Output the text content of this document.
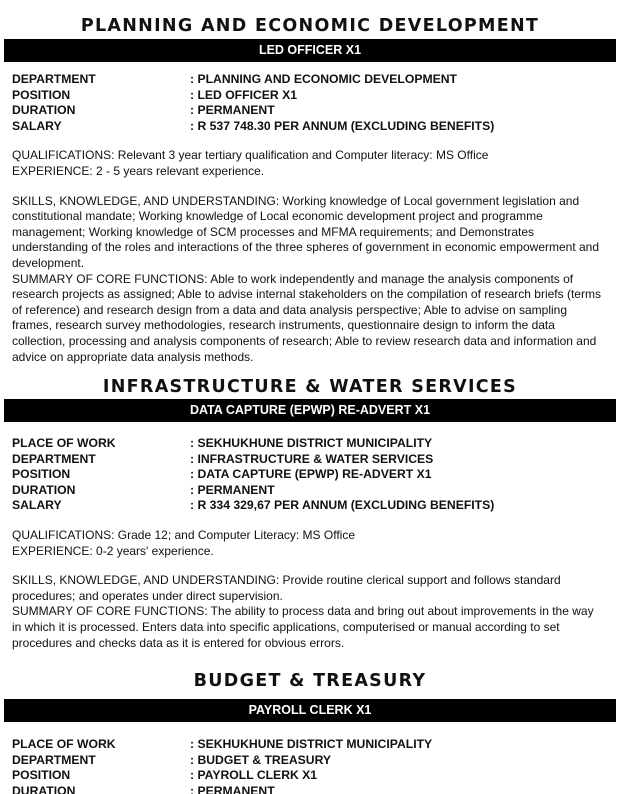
PLANNING AND ECONOMIC DEVELOPMENT
LED OFFICER X1
DEPARTMENT	: PLANNING AND ECONOMIC DEVELOPMENT
POSITION	: LED OFFICER X1
DURATION	: PERMANENT
SALARY	: R 537 748.30 PER ANNUM (EXCLUDING BENEFITS)
QUALIFICATIONS: Relevant 3 year tertiary qualification and Computer literacy: MS Office
EXPERIENCE: 2 - 5 years relevant experience.
SKILLS, KNOWLEDGE, AND UNDERSTANDING: Working knowledge of Local government legislation and constitutional mandate; Working knowledge of Local economic development project and programme management; Working knowledge of SCM processes and MFMA requirements; and Demonstrates understanding of the roles and interactions of the three spheres of government in economic empowerment and development.
SUMMARY OF CORE FUNCTIONS: Able to work independently and manage the analysis components of research projects as assigned; Able to advise internal stakeholders on the compilation of research briefs (terms of reference) and research design from a data and data analysis perspective; Able to advise on sampling frames, research survey methodologies, research instruments, questionnaire design to inform the data collection, processing and analysis components of research; Able to review research data and information and advice on appropriate data analysis methods.
INFRASTRUCTURE & WATER SERVICES
DATA CAPTURE (EPWP) RE-ADVERT X1
PLACE OF WORK	: SEKHUKHUNE DISTRICT MUNICIPALITY
DEPARTMENT	: INFRASTRUCTURE & WATER SERVICES
POSITION	: DATA CAPTURE (EPWP) RE-ADVERT X1
DURATION	: PERMANENT
SALARY	: R 334 329,67 PER ANNUM (EXCLUDING BENEFITS)
QUALIFICATIONS: Grade 12; and Computer Literacy: MS Office
EXPERIENCE: 0-2 years' experience.
SKILLS, KNOWLEDGE, AND UNDERSTANDING: Provide routine clerical support and follows standard procedures; and operates under direct supervision.
SUMMARY OF CORE FUNCTIONS: The ability to process data and bring out about improvements in the way in which it is processed. Enters data into specific applications, computerised or manual according to set procedures and checks data as it is entered for obvious errors.
BUDGET & TREASURY
PAYROLL CLERK X1
PLACE OF WORK	: SEKHUKHUNE DISTRICT MUNICIPALITY
DEPARTMENT	: BUDGET & TREASURY
POSITION	: PAYROLL CLERK X1
DURATION	: PERMANENT
